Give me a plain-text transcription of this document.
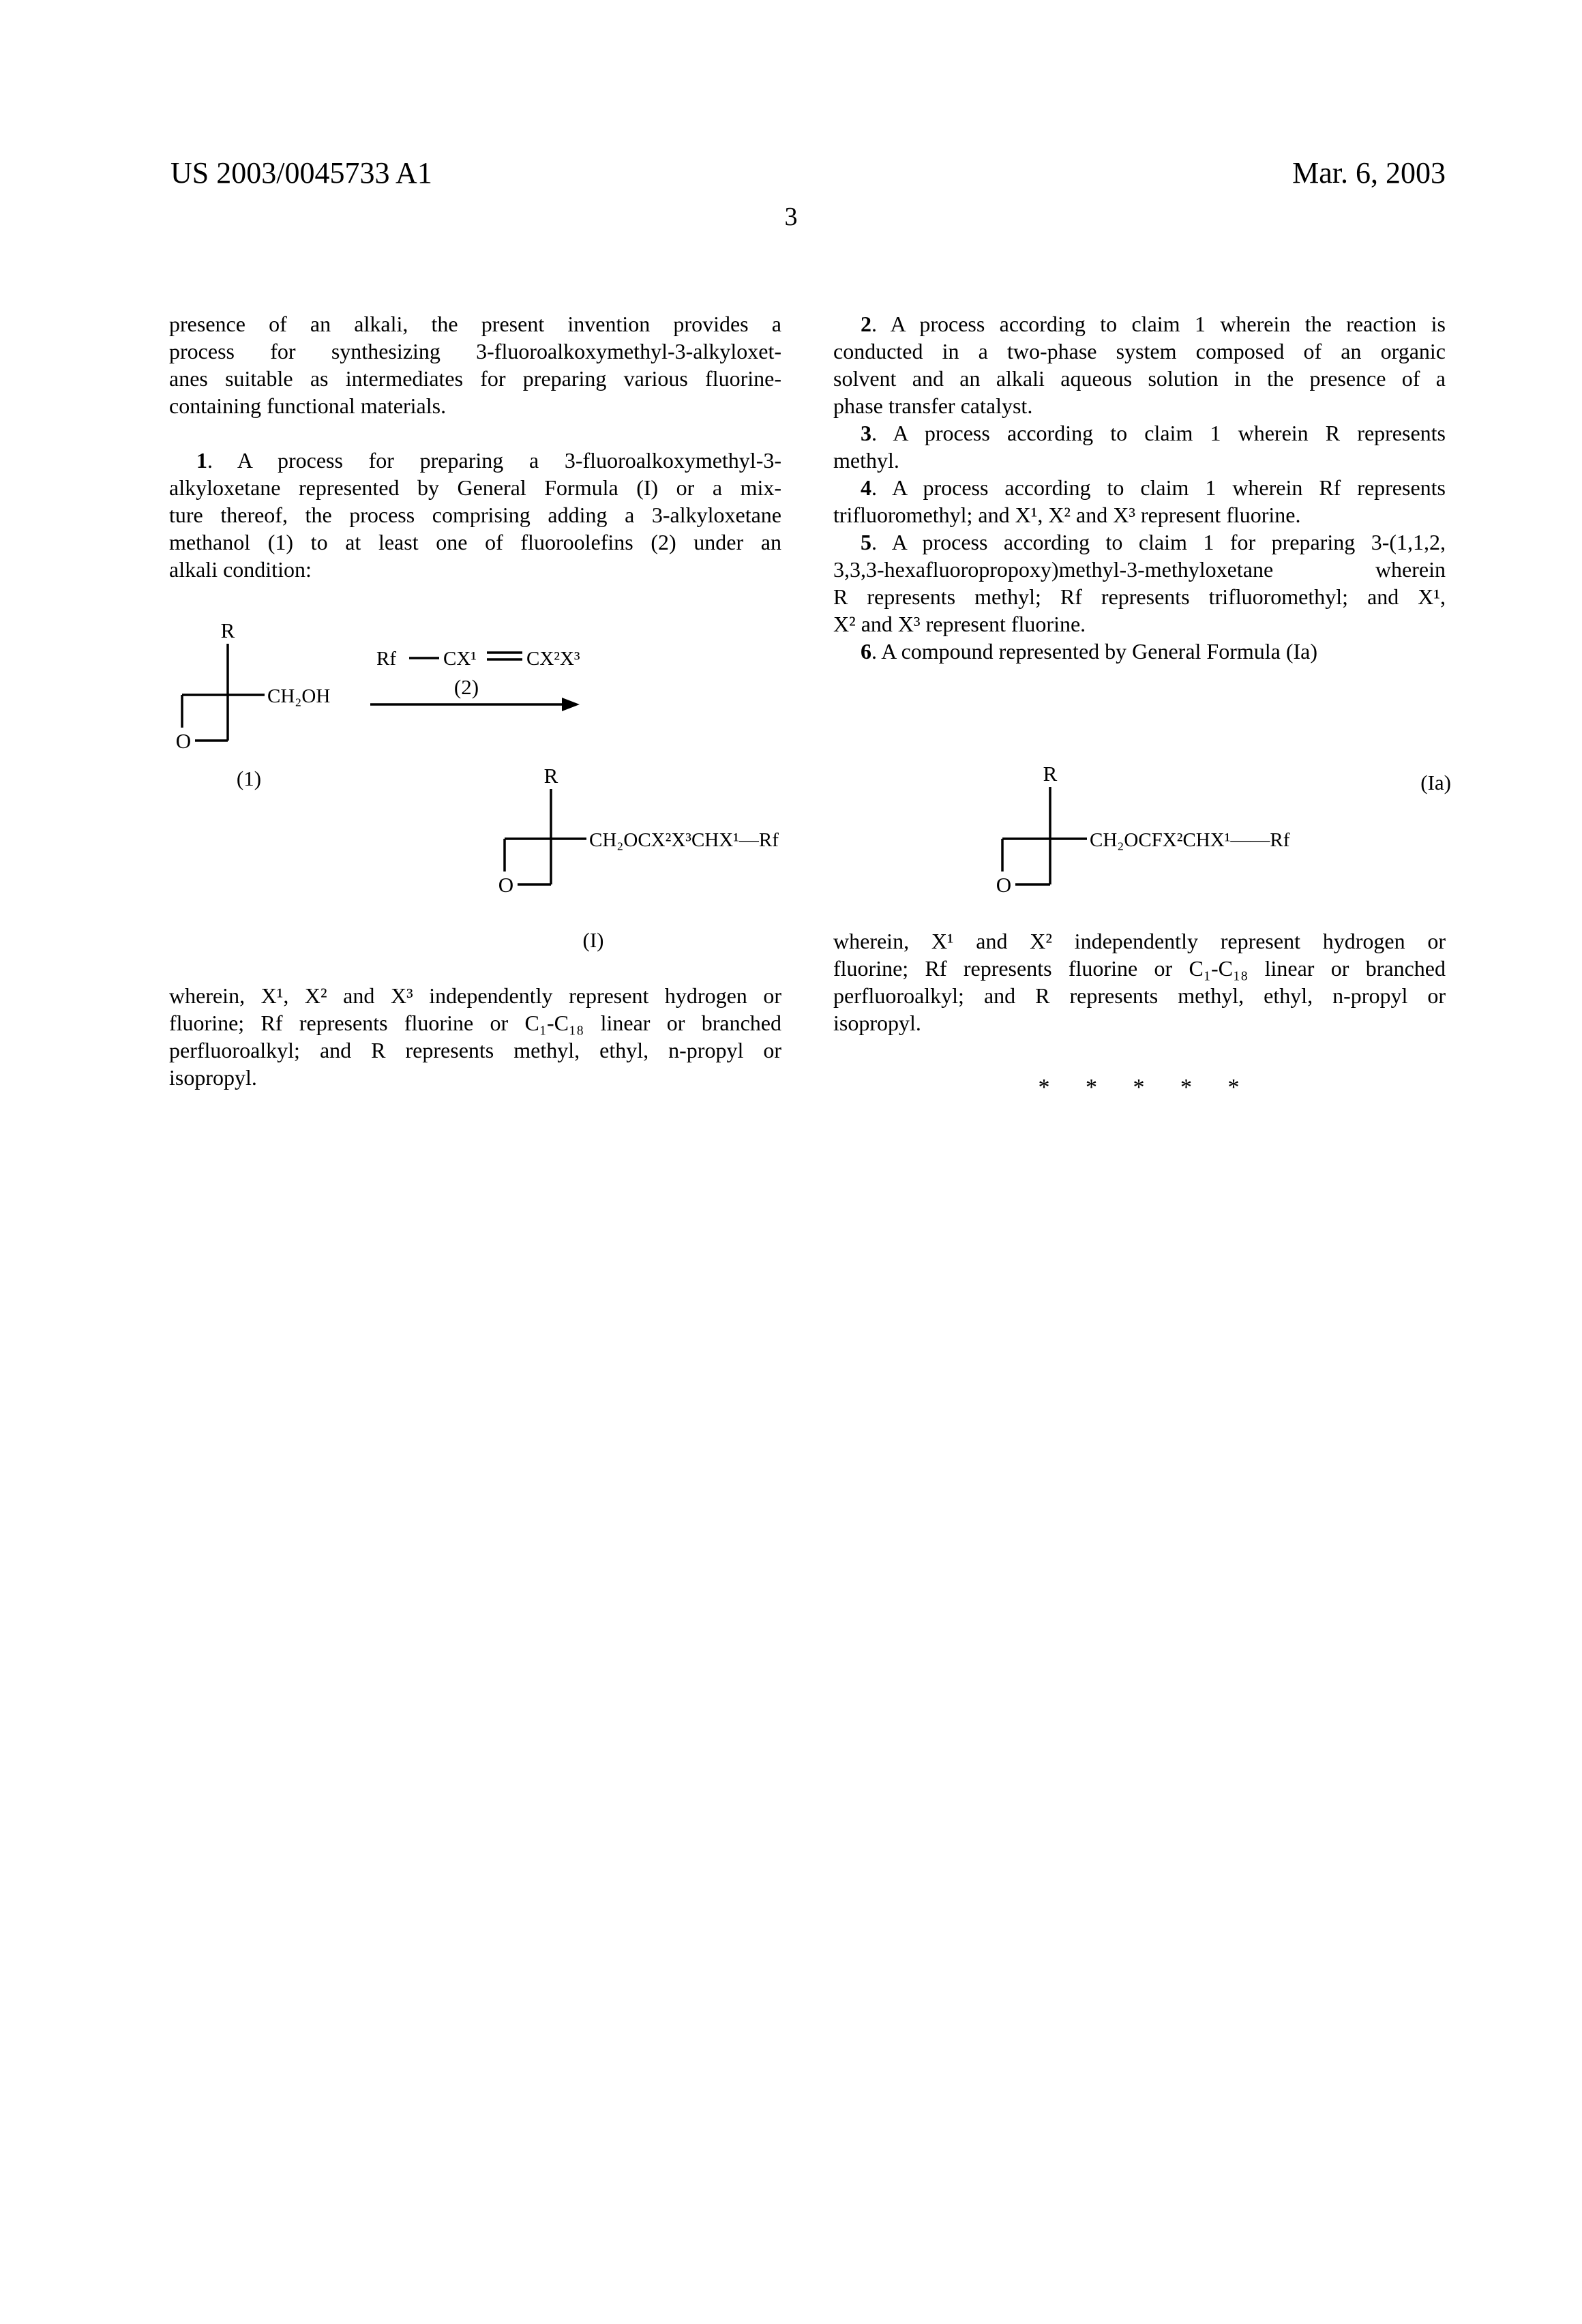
US 2003/0045733 A1	Mar. 6, 2003
3
presence of an alkali, the present invention provides a
process for synthesizing 3-fluoroalkoxymethyl-3-alkyloxet-
anes suitable as intermediates for preparing various fluorine-
containing functional materials.
1. A process for preparing a 3-fluoroalkoxymethyl-3-
alkyloxetane represented by General Formula (I) or a mix-
ture thereof, the process comprising adding a 3-alkyloxetane
methanol (1) to at least one of fluoroolefins (2) under an
alkali condition:
R
O
CH₂OH
(1)
Rf CX¹	CX²X³
(2)
R
O
CH₂OCX²X³CHX¹—Rf
(I)
wherein, X¹, X² and X³ independently represent hydrogen or
fluorine; Rf represents fluorine or C₁-C₁₈ linear or branched
perfluoroalkyl; and R represents methyl, ethyl, n-propyl or
isopropyl.
2. A process according to claim 1 wherein the reaction is
conducted in a two-phase system composed of an organic
solvent and an alkali aqueous solution in the presence of a
phase transfer catalyst.
3. A process according to claim 1 wherein R represents
methyl.
4. A process according to claim 1 wherein Rf represents
trifluoromethyl; and X¹, X² and X³ represent fluorine.
5. A process according to claim 1 for preparing 3-(1,1,2,
3,3,3-hexafluoropropoxy)methyl-3-methyloxetane wherein
R represents methyl; Rf represents trifluoromethyl; and X¹,
X² and X³ represent fluorine.
6. A compound represented by General Formula (Ia)
(Ia)
R
O
CH₂OCFX²CHX¹——Rf
wherein, X¹ and X² independently represent hydrogen or
fluorine; Rf represents fluorine or C₁-C₁₈ linear or branched
perfluoroalkyl; and R represents methyl, ethyl, n-propyl or
isopropyl.
* * * * *
